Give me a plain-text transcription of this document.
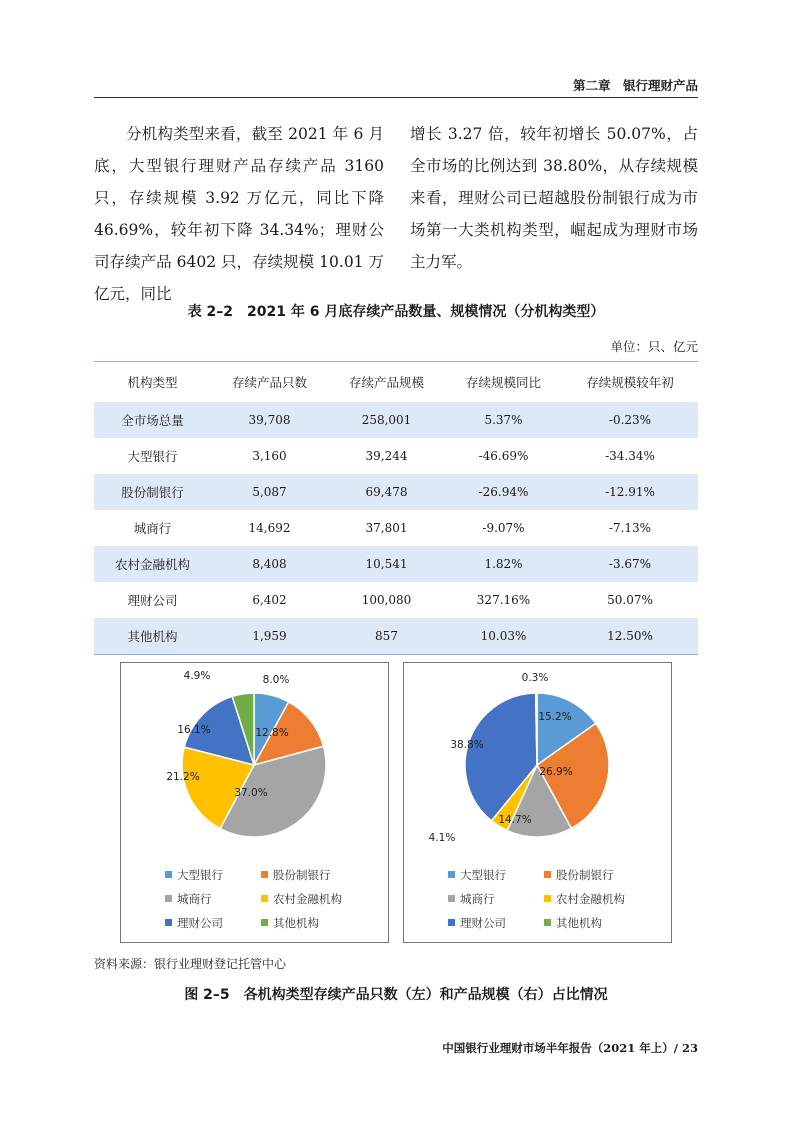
第二章　银行理财产品

分机构类型来看，截至 2021 年 6 月底，大型银行理财产品存续产品 3160 只，存续规模 3.92 万亿元，同比下降 46.69%，较年初下降 34.34%；理财公司存续产品 6402 只，存续规模 10.01 万亿元，同比

增长 3.27 倍，较年初增长 50.07%，占全市场的比例达到 38.80%，从存续规模来看，理财公司已超越股份制银行成为市场第一大类机构类型，崛起成为理财市场主力军。

表 2–2　2021 年 6 月底存续产品数量、规模情况（分机构类型）
单位：只、亿元
机构类型	存续产品只数	存续产品规模	存续规模同比	存续规模较年初
全市场总量	39,708	258,001	5.37%	-0.23%
大型银行	3,160	39,244	-46.69%	-34.34%
股份制银行	5,087	69,478	-26.94%	-12.91%
城商行	14,692	37,801	-9.07%	-7.13%
农村金融机构	8,408	10,541	1.82%	-3.67%
理财公司	6,402	100,080	327.16%	50.07%
其他机构	1,959	857	10.03%	12.50%
8.0%
12.8%
37.0%
21.2%
16.1%
4.9%
大型银行	股份制银行
城商行	农村金融机构
理财公司	其他机构
15.2%
26.9%
14.7%
4.1%
38.8%
0.3%
大型银行	股份制银行
城商行	农村金融机构
理财公司	其他机构
资料来源：银行业理财登记托管中心
图 2–5　各机构类型存续产品只数（左）和产品规模（右）占比情况
中国银行业理财市场半年报告（2021 年上）/ 23
